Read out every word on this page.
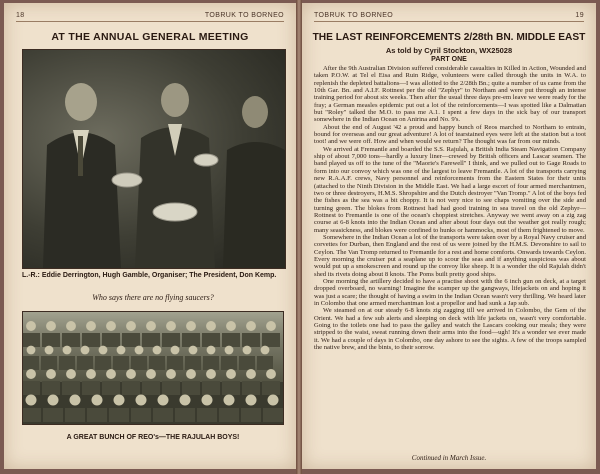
18	TOBRUK TO BORNEO
AT THE ANNUAL GENERAL MEETING
L.-R.: Eddie Derrington, Hugh Gamble, Organiser; The President, Don Kemp.
Who says there are no flying saucers?
A GREAT BUNCH OF REO's—THE RAJULAH BOYS!
TOBRUK TO BORNEO	19
THE LAST REINFORCEMENTS 2/28th BN. MIDDLE EAST
As told by Cyril Stockton, WX25028
PART ONE

After the 9th Australian Division suffered considerable casualties in Killed in Action, Wounded and taken P.O.W. at Tel el Eisa and Ruin Ridge, volunteers were called through the units in W.A. to replenish the depleted battalions—I was allotted to the 2/28th Bn.; quite a number of us came from the 10th Gar. Bn. and A.I.F. Rottnest per the old "Zephyr" to Northam and were put through an intense training period for about six weeks. Then after the usual three days pre-em leave we were ready for the fray; a German measles epidemic put out a lot of the reinforcements—I was spotted like a Dalmatian but "Roley" talked the M.O. to pass me A.1. I spent a few days in the sick bay of our transport somewhere in the Indian Ocean on Anirina and No. 9's.

About the end of August '42 a proud and happy bunch of Reos marched to Northam to entrain, bound for overseas and our great adventure! A lot of tearstained eyes were left at the station but a toot toot! and we were off. How and when would we return? The thought was far from our minds.

We arrived at Fremantle and boarded the S.S. Rajulah, a British India Steam Navigation Company ship of about 7,000 tons—hardly a luxury liner—crewed by British officers and Lascar seamen. The band played us off to the tune of the "Maorie's Farewell" I think, and we pulled out to Gage Roads to form into our convoy which was one of the largest to leave Fremantle. A lot of the transports carrying new R.A.A.F. crews, Navy personnel and reinforcements from the Eastern States for their units (attached to the Ninth Division in the Middle East. We had a large escort of four armed merchantmen, two or three destroyers, H.M.S. Shropshire and the Dutch destroyer "Van Tromp." A lot of the boys fed the fishes as the sea was a bit choppy. It is not very nice to see chaps vomiting over the side and turning green. The blokes from Rottnest had had good training in sea travel on the old Zephyr—Rottnest to Fremantle is one of the ocean's choppiest stretches. Anyway we went away on a zig zag course at 6-8 knots into the Indian Ocean and after about four days out the weather got really rough; many seasickness, and blokes were confined to hunks or hammocks, most of them frightened to move.

Somewhere in the Indian Ocean a lot of the transports were taken over by a Royal Navy cruiser and corvettes for Durban, then England and the rest of us were joined by the H.M.S. Devonshire to sail to Ceylon. The Van Tromp returned to Fremantle for a rest and home comforts. Onwards towards Ceylon. Every morning the cruiser put a seaplane up to scour the seas and if anything suspicious was about would put up a smokescreen and round up the convoy like sheep. It is a wonder the old Rajulah didn't shed its rivets doing about 8 knots. The Poms built pretty good ships.

One morning the artillery decided to have a practise shoot with the 6 inch gun on deck, at a target dropped overboard, no warning! Imagine the scamper up the gangways, lifejackets on and hoping it was just a scare; the thought of having a swim in the Indian Ocean wasn't very thrilling. We heard later in Colombo that one armed merchantman lost a propellor and had sunk a Jap sub.

We steamed on at our steady 6-8 knots zig zagging till we arrived in Colombo, the Gem of the Orient. We had a few sub alerts and sleeping on deck with life jackets on, wasn't very comfortable. Going to the toilets one had to pass the galley and watch the Lascars cooking our meals; they were stripped to the waist, sweat running down their arms into the food—ugh! It's a wonder we ever made it. We had a couple of days in Colombo, one day ashore to see the sights. A few of the troops sampled the native brew, and the bints, to their sorrow.

Continued in March Issue.
